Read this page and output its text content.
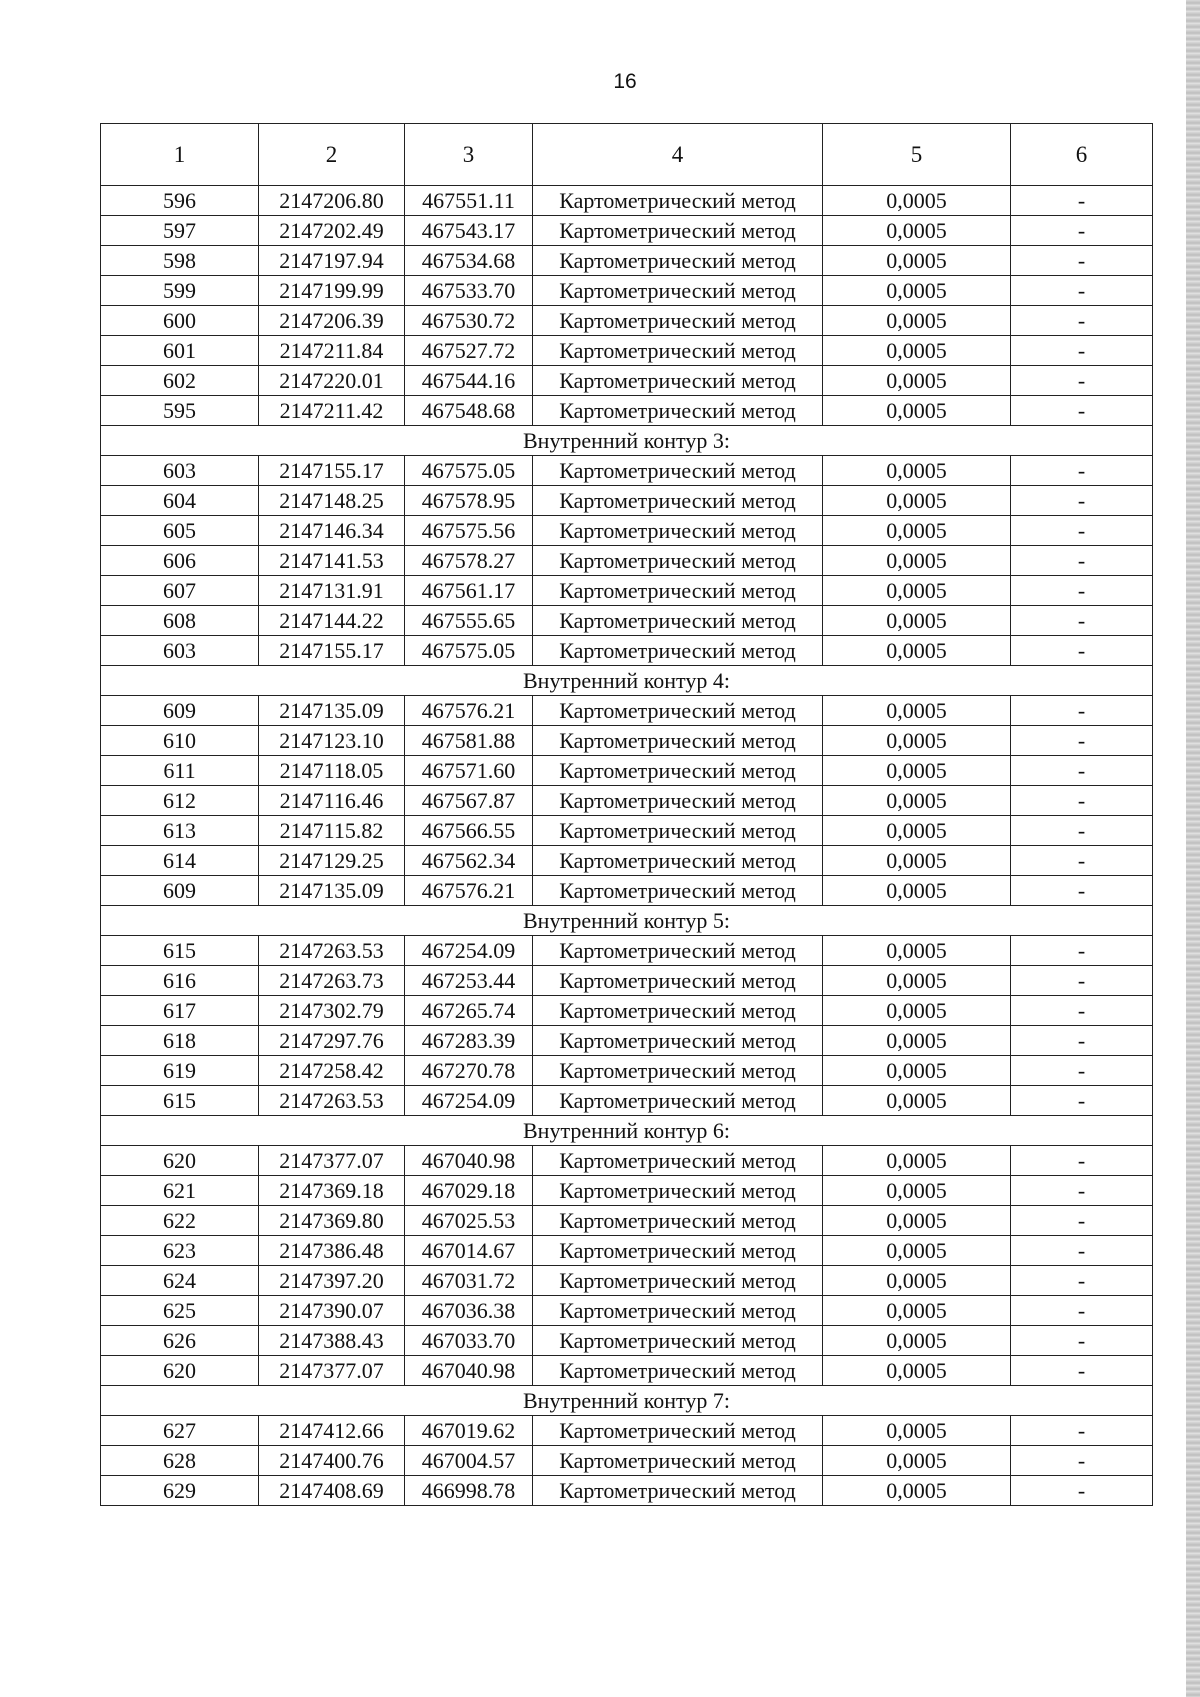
16
1	2	3	4	5	6
596	2147206.80	467551.11	Картометрический метод	0,0005	-
597	2147202.49	467543.17	Картометрический метод	0,0005	-
598	2147197.94	467534.68	Картометрический метод	0,0005	-
599	2147199.99	467533.70	Картометрический метод	0,0005	-
600	2147206.39	467530.72	Картометрический метод	0,0005	-
601	2147211.84	467527.72	Картометрический метод	0,0005	-
602	2147220.01	467544.16	Картометрический метод	0,0005	-
595	2147211.42	467548.68	Картометрический метод	0,0005	-
Внутренний контур 3:					
603	2147155.17	467575.05	Картометрический метод	0,0005	-
604	2147148.25	467578.95	Картометрический метод	0,0005	-
605	2147146.34	467575.56	Картометрический метод	0,0005	-
606	2147141.53	467578.27	Картометрический метод	0,0005	-
607	2147131.91	467561.17	Картометрический метод	0,0005	-
608	2147144.22	467555.65	Картометрический метод	0,0005	-
603	2147155.17	467575.05	Картометрический метод	0,0005	-
Внутренний контур 4:					
609	2147135.09	467576.21	Картометрический метод	0,0005	-
610	2147123.10	467581.88	Картометрический метод	0,0005	-
611	2147118.05	467571.60	Картометрический метод	0,0005	-
612	2147116.46	467567.87	Картометрический метод	0,0005	-
613	2147115.82	467566.55	Картометрический метод	0,0005	-
614	2147129.25	467562.34	Картометрический метод	0,0005	-
609	2147135.09	467576.21	Картометрический метод	0,0005	-
Внутренний контур 5:					
615	2147263.53	467254.09	Картометрический метод	0,0005	-
616	2147263.73	467253.44	Картометрический метод	0,0005	-
617	2147302.79	467265.74	Картометрический метод	0,0005	-
618	2147297.76	467283.39	Картометрический метод	0,0005	-
619	2147258.42	467270.78	Картометрический метод	0,0005	-
615	2147263.53	467254.09	Картометрический метод	0,0005	-
Внутренний контур 6:					
620	2147377.07	467040.98	Картометрический метод	0,0005	-
621	2147369.18	467029.18	Картометрический метод	0,0005	-
622	2147369.80	467025.53	Картометрический метод	0,0005	-
623	2147386.48	467014.67	Картометрический метод	0,0005	-
624	2147397.20	467031.72	Картометрический метод	0,0005	-
625	2147390.07	467036.38	Картометрический метод	0,0005	-
626	2147388.43	467033.70	Картометрический метод	0,0005	-
620	2147377.07	467040.98	Картометрический метод	0,0005	-
Внутренний контур 7:					
627	2147412.66	467019.62	Картометрический метод	0,0005	-
628	2147400.76	467004.57	Картометрический метод	0,0005	-
629	2147408.69	466998.78	Картометрический метод	0,0005	-
